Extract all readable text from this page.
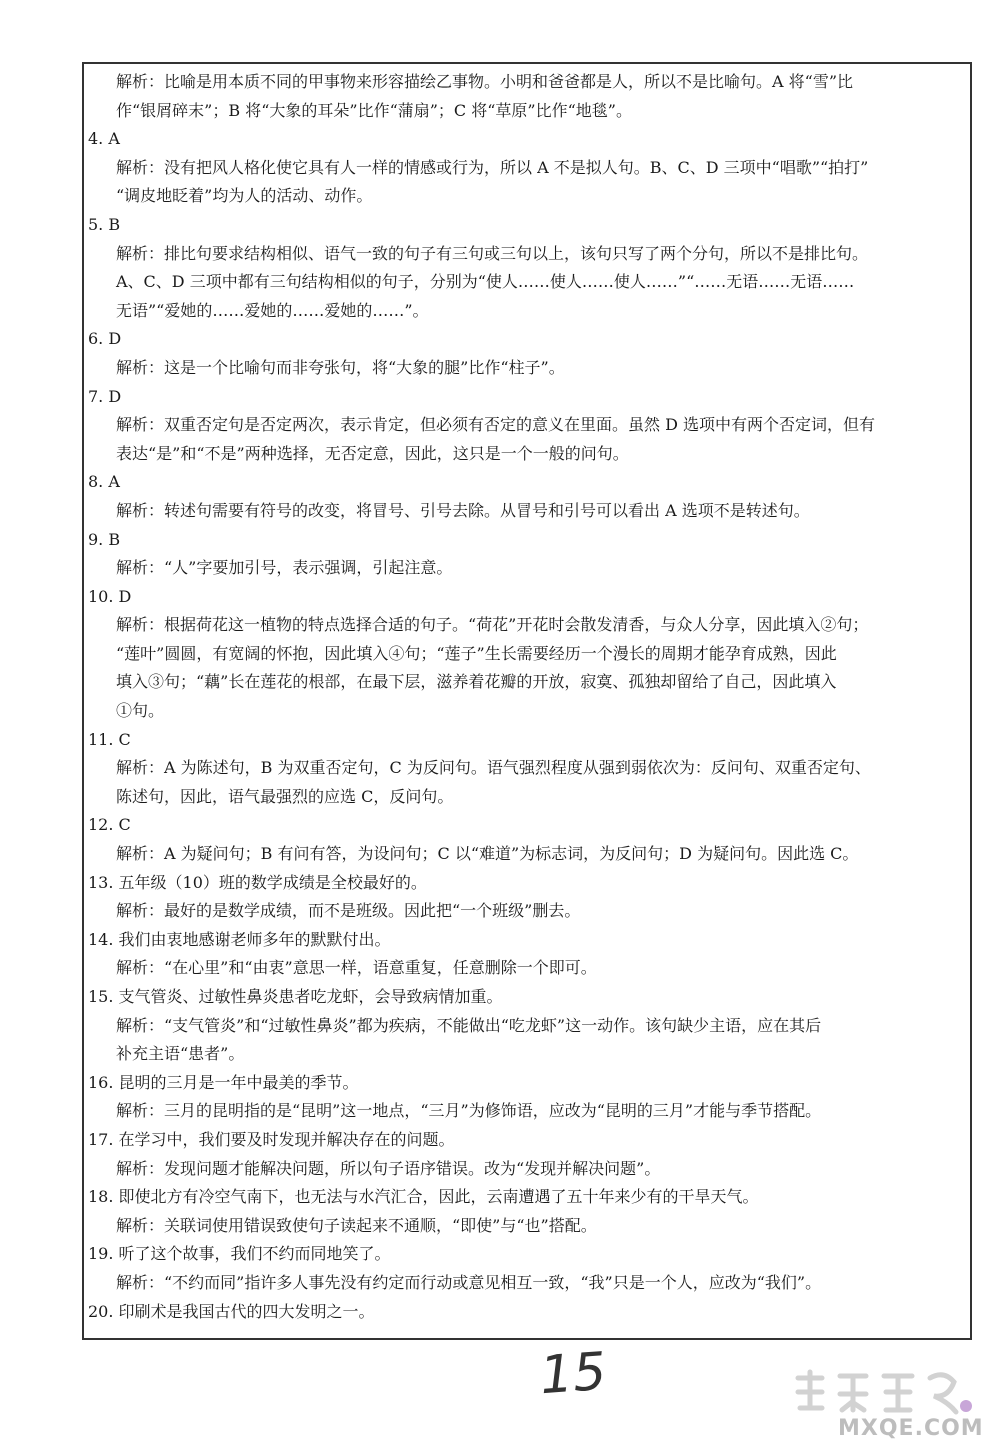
解析：比喻是用本质不同的甲事物来形容描绘乙事物。小明和爸爸都是人，所以不是比喻句。A 将“雪”比
作“银屑碎末”；B 将“大象的耳朵”比作“蒲扇”；C 将“草原”比作“地毯”。
4. A
解析：没有把风人格化使它具有人一样的情感或行为，所以 A 不是拟人句。B、C、D 三项中“唱歌”“拍打”
“调皮地眨着”均为人的活动、动作。
5. B
解析：排比句要求结构相似、语气一致的句子有三句或三句以上，该句只写了两个分句，所以不是排比句。
A、C、D 三项中都有三句结构相似的句子，分别为“使人……使人……使人……”“……无语……无语……
无语”“爱她的……爱她的……爱她的……”。
6. D
解析：这是一个比喻句而非夸张句，将“大象的腿”比作“柱子”。
7. D
解析：双重否定句是否定两次，表示肯定，但必须有否定的意义在里面。虽然 D 选项中有两个否定词，但有
表达“是”和“不是”两种选择，无否定意，因此，这只是一个一般的问句。
8. A
解析：转述句需要有符号的改变，将冒号、引号去除。从冒号和引号可以看出 A 选项不是转述句。
9. B
解析：“人”字要加引号，表示强调，引起注意。
10. D
解析：根据荷花这一植物的特点选择合适的句子。“荷花”开花时会散发清香，与众人分享，因此填入②句；
“莲叶”圆圆，有宽阔的怀抱，因此填入④句；“莲子”生长需要经历一个漫长的周期才能孕育成熟，因此
填入③句；“藕”长在莲花的根部，在最下层，滋养着花瓣的开放，寂寞、孤独却留给了自己，因此填入
①句。
11. C
解析：A 为陈述句，B 为双重否定句，C 为反问句。语气强烈程度从强到弱依次为：反问句、双重否定句、
陈述句，因此，语气最强烈的应选 C，反问句。
12. C
解析：A 为疑问句；B 有问有答，为设问句；C 以“难道”为标志词，为反问句；D 为疑问句。因此选 C。
13. 五年级（10）班的数学成绩是全校最好的。
解析：最好的是数学成绩，而不是班级。因此把“一个班级”删去。
14. 我们由衷地感谢老师多年的默默付出。
解析：“在心里”和“由衷”意思一样，语意重复，任意删除一个即可。
15. 支气管炎、过敏性鼻炎患者吃龙虾，会导致病情加重。
解析：“支气管炎”和“过敏性鼻炎”都为疾病，不能做出“吃龙虾”这一动作。该句缺少主语，应在其后
补充主语“患者”。
16. 昆明的三月是一年中最美的季节。
解析：三月的昆明指的是“昆明”这一地点，“三月”为修饰语，应改为“昆明的三月”才能与季节搭配。
17. 在学习中，我们要及时发现并解决存在的问题。
解析：发现问题才能解决问题，所以句子语序错误。改为“发现并解决问题”。
18. 即使北方有冷空气南下，也无法与水汽汇合，因此，云南遭遇了五十年来少有的干旱天气。
解析：关联词使用错误致使句子读起来不通顺，“即使”与“也”搭配。
19. 听了这个故事，我们不约而同地笑了。
解析：“不约而同”指许多人事先没有约定而行动或意见相互一致，“我”只是一个人，应改为“我们”。
20. 印刷术是我国古代的四大发明之一。
15
MXQE.COM
